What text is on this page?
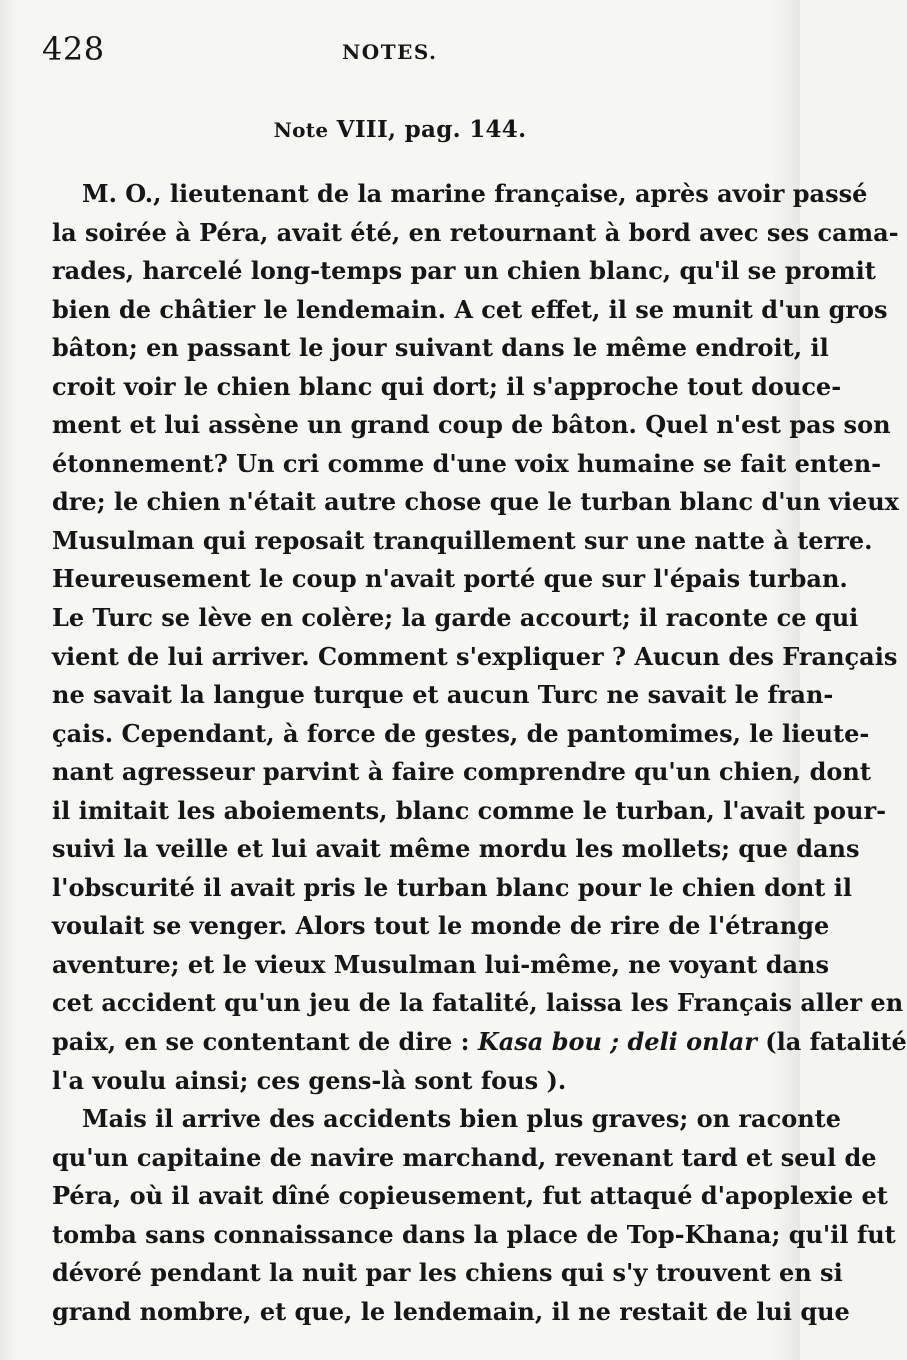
428	NOTES.
Note VIII, pag. 144.
M. O., lieutenant de la marine française, après avoir passé
la soirée à Péra, avait été, en retournant à bord avec ses cama-
rades, harcelé long-temps par un chien blanc, qu'il se promit
bien de châtier le lendemain. A cet effet, il se munit d'un gros
bâton; en passant le jour suivant dans le même endroit, il
croit voir le chien blanc qui dort; il s'approche tout douce-
ment et lui assène un grand coup de bâton. Quel n'est pas son
étonnement? Un cri comme d'une voix humaine se fait enten-
dre; le chien n'était autre chose que le turban blanc d'un vieux
Musulman qui reposait tranquillement sur une natte à terre.
Heureusement le coup n'avait porté que sur l'épais turban.
Le Turc se lève en colère; la garde accourt; il raconte ce qui
vient de lui arriver. Comment s'expliquer ? Aucun des Français
ne savait la langue turque et aucun Turc ne savait le fran-
çais. Cependant, à force de gestes, de pantomimes, le lieute-
nant agresseur parvint à faire comprendre qu'un chien, dont
il imitait les aboiements, blanc comme le turban, l'avait pour-
suivi la veille et lui avait même mordu les mollets; que dans
l'obscurité il avait pris le turban blanc pour le chien dont il
voulait se venger. Alors tout le monde de rire de l'étrange
aventure; et le vieux Musulman lui-même, ne voyant dans
cet accident qu'un jeu de la fatalité, laissa les Français aller en
paix, en se contentant de dire : Kasa bou ; deli onlar (la fatalité
l'a voulu ainsi; ces gens-là sont fous ).
Mais il arrive des accidents bien plus graves; on raconte
qu'un capitaine de navire marchand, revenant tard et seul de
Péra, où il avait dîné copieusement, fut attaqué d'apoplexie et
tomba sans connaissance dans la place de Top-Khana; qu'il fut
dévoré pendant la nuit par les chiens qui s'y trouvent en si
grand nombre, et que, le lendemain, il ne restait de lui que
